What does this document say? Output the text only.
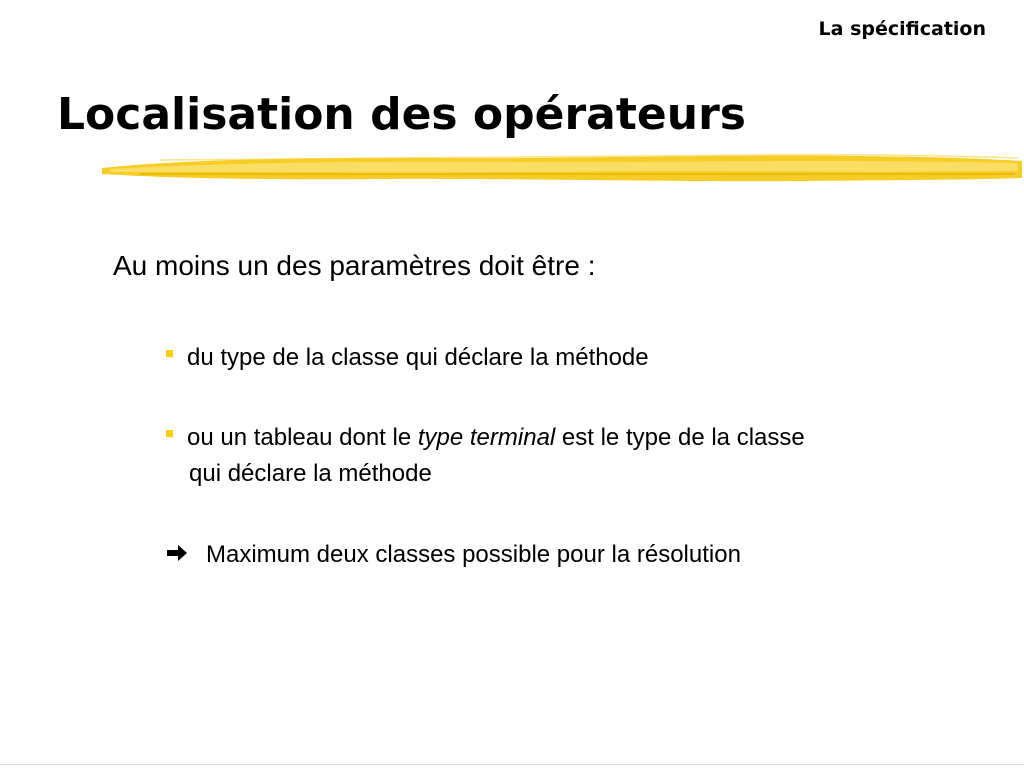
La spécification
Localisation des opérateurs
Au moins un des paramètres doit être :
du type de la classe qui déclare la méthode
ou un tableau dont le type terminal est le type de la classe
qui déclare la méthode
Maximum deux classes possible pour la résolution
